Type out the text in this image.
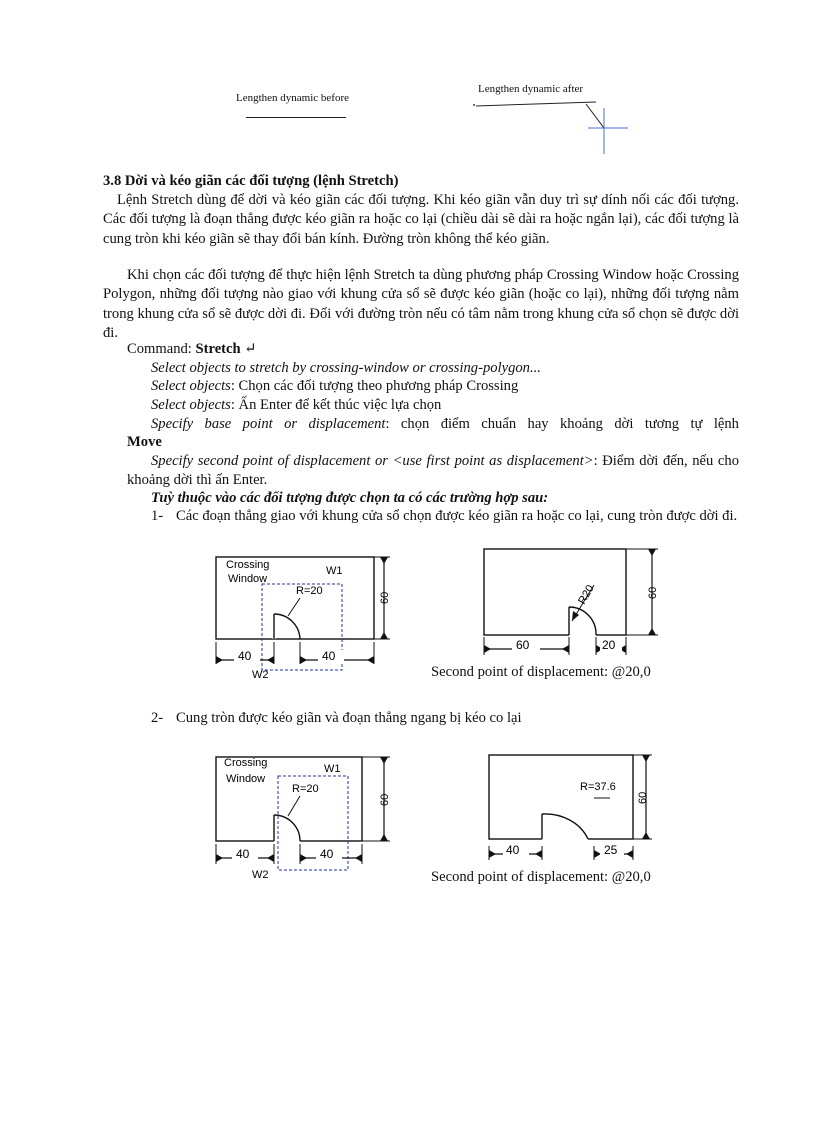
Lengthen dynamic before
Lengthen dynamic after
3.8 Dời và kéo giãn các đối tượng (lệnh Stretch)

Lệnh Stretch dùng để dời và kéo giãn các đối tượng. Khi kéo giãn vẫn duy trì sự dính nối các đối tượng. Các đối tượng là đoạn thẳng được kéo giãn ra hoặc co lại (chiều dài sẽ dài ra hoặc ngắn lại), các đối tượng là cung tròn khi kéo giãn sẽ thay đổi bán kính. Đường tròn không thể kéo giãn.

Khi chọn các đối tượng để thực hiện lệnh Stretch ta dùng phương pháp Crossing Window hoặc Crossing Polygon, những đối tượng nào giao với khung cửa sổ sẽ được kéo giãn (hoặc co lại), những đối tượng nằm trong khung cửa sổ sẽ được dời đi. Đối với đường tròn nếu có tâm nằm trong khung cửa sổ chọn sẽ được dời đi.

Command: Stretch ↵
Select objects to stretch by crossing-window or crossing-polygon...
Select objects: Chọn các đối tượng theo phương pháp Crossing
Select objects: Ấn Enter để kết thúc việc lựa chọn
Specify base point or displacement: chọn điểm chuẩn hay khoảng dời tương tự lệnh
Move

Specify second point of displacement or <use first point as displacement>: Điểm dời đến, nếu cho khoảng dời thì ấn Enter.

Tuỳ thuộc vào các đối tượng được chọn ta có các trường hợp sau:
1- Các đoạn thẳng giao với khung cửa sổ chọn được kéo giãn ra hoặc co lại, cung tròn được dời đi.

2- Cung tròn được kéo giãn và đoạn thẳng ngang bị kéo co lại
Crossing
Window
W1
R=20
60
40	40
W2
R20	60
60	20
Second point of displacement: @20,0
Crossing
Window
W1
R=20
60
40	40
W2
R=37.6
60
40	25
Second point of displacement: @20,0
